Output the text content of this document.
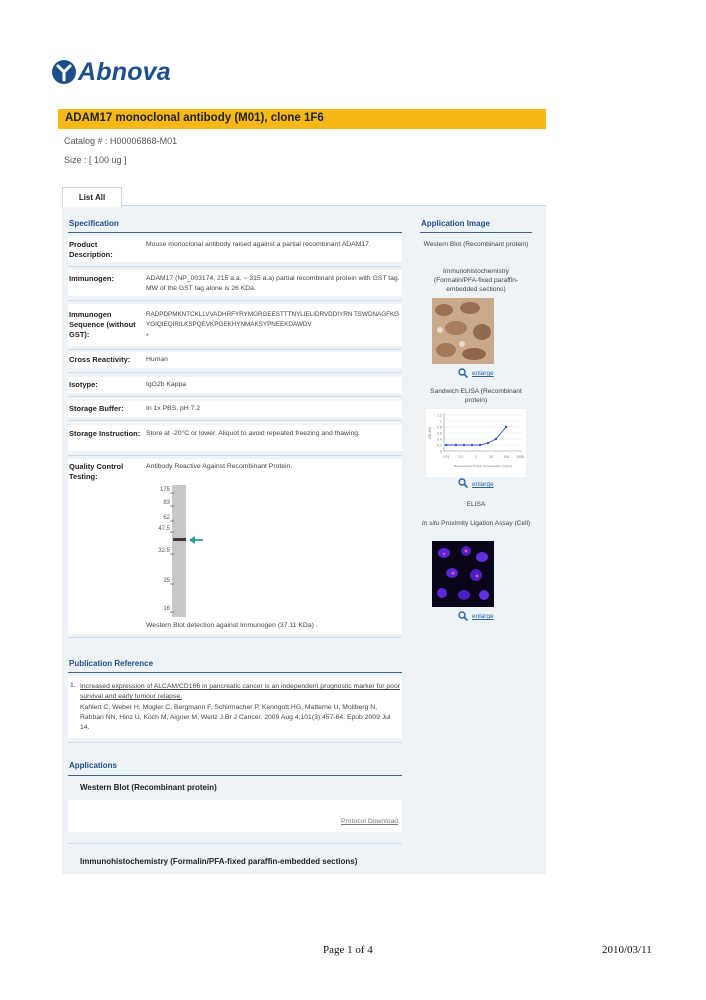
Abnova
ADAM17 monoclonal antibody (M01), clone 1F6
Catalog # : H00006868-M01
Size : [ 100 ug ]
List All
Specification
Product Description:
Mouse monoclonal antibody raised against a partial recombinant ADAM17.
Immunogen:	ADAM17 (NP_003174, 215 a.a. ~ 315 a.a) partial recombinant protein with GST tag. MW of the GST tag alone is 26 KDa.
Immunogen Sequence (without GST):
RADPDPMKNTCKLLVVADHRFYRYMGRGEESTTTNYLIELIDRVDDIYRN TSWDNAGFKGYGIQIEQIRILKSPQEVKPGEKHYNMAKSYPNEEKDAWDV
*
Cross Reactivity:	Human
Isotype:	IgG2b Kappa
Storage Buffer:	In 1x PBS, pH 7.2
Storage Instruction: Store at -20°C or lower. Aliquot to avoid repeated freezing and thawing.
Quality Control Testing:
Antibody Reactive Against Recombinant Protein.
175
83
62
47.5
32.5
25
16
Western Blot detection against Immunogen (37.11 KDa) .
Application Image
Western Blot (Recombinant protein)
Immunohistochemistry (Formalin/PFA-fixed paraffin-embedded sections)
enlarge
Sandwich ELISA (Recombinant protein)
1.2
1
0.8
0.6
0.4
0.2
0
0.01	0.1	1	10	100 1000
Recombinant Protein Concentration (ng/ml)
OD 450
enlarge
ELISA
In situ Proximity Ligation Assay (Cell)
enlarge
Publication Reference
1. Increased expression of ALCAM/CD166 in pancreatic cancer is an independent prognostic marker for poor survival and early tumour relapse.
Kahlert C, Weber H, Mogler C, Bergmann F, Schirmacher P, Kenngott HG, Matterne U, Mollberg N, Rahbari NN, Hinz U, Koch M, Aigner M, Weitz J.Br J Cancer. 2009 Aug 4;101(3):457-64. Epub 2009 Jul 14.
Applications
Western Blot (Recombinant protein)
Protocol Download
Immunohistochemistry (Formalin/PFA-fixed paraffin-embedded sections)
Page 1 of 4	2010/03/11
